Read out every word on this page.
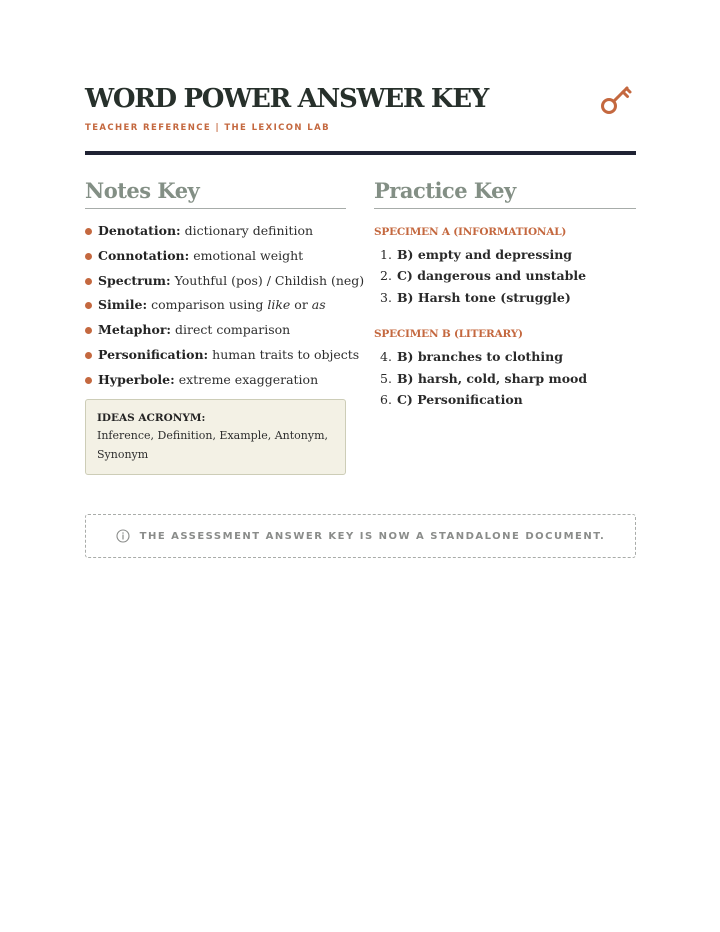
WORD POWER ANSWER KEY
TEACHER REFERENCE | THE LEXICON LAB
Notes Key
Denotation: dictionary definition
Connotation: emotional weight
Spectrum: Youthful (pos) / Childish (neg)
Simile: comparison using like or as
Metaphor: direct comparison
Personification: human traits to objects
Hyperbole: extreme exaggeration
IDEAS ACRONYM:
Inference, Definition, Example, Antonym, Synonym
Practice Key
SPECIMEN A (INFORMATIONAL)
1. B) empty and depressing
2. C) dangerous and unstable
3. B) Harsh tone (struggle)
SPECIMEN B (LITERARY)
4. B) branches to clothing
5. B) harsh, cold, sharp mood
6. C) Personification
THE ASSESSMENT ANSWER KEY IS NOW A STANDALONE DOCUMENT.
